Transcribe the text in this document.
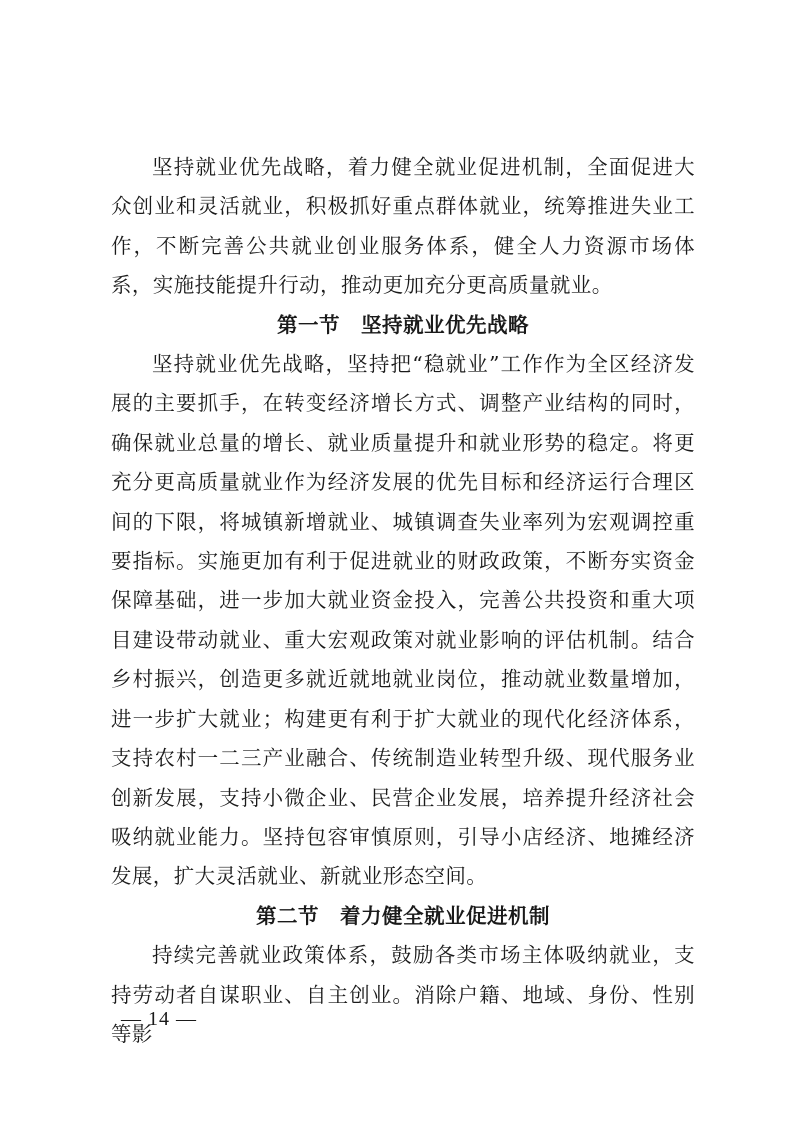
坚持就业优先战略，着力健全就业促进机制，全面促进大众创业和灵活就业，积极抓好重点群体就业，统筹推进失业工作，不断完善公共就业创业服务体系，健全人力资源市场体系，实施技能提升行动，推动更加充分更高质量就业。

第一节　坚持就业优先战略

坚持就业优先战略，坚持把“稳就业”工作作为全区经济发展的主要抓手，在转变经济增长方式、调整产业结构的同时，确保就业总量的增长、就业质量提升和就业形势的稳定。将更充分更高质量就业作为经济发展的优先目标和经济运行合理区间的下限，将城镇新增就业、城镇调查失业率列为宏观调控重要指标。实施更加有利于促进就业的财政政策，不断夯实资金保障基础，进一步加大就业资金投入，完善公共投资和重大项目建设带动就业、重大宏观政策对就业影响的评估机制。结合乡村振兴，创造更多就近就地就业岗位，推动就业数量增加，进一步扩大就业；构建更有利于扩大就业的现代化经济体系，支持农村一二三产业融合、传统制造业转型升级、现代服务业创新发展，支持小微企业、民营企业发展，培养提升经济社会吸纳就业能力。坚持包容审慎原则，引导小店经济、地摊经济发展，扩大灵活就业、新就业形态空间。

第二节　着力健全就业促进机制

持续完善就业政策体系，鼓励各类市场主体吸纳就业，支持劳动者自谋职业、自主创业。消除户籍、地域、身份、性别等影

— 14 —
